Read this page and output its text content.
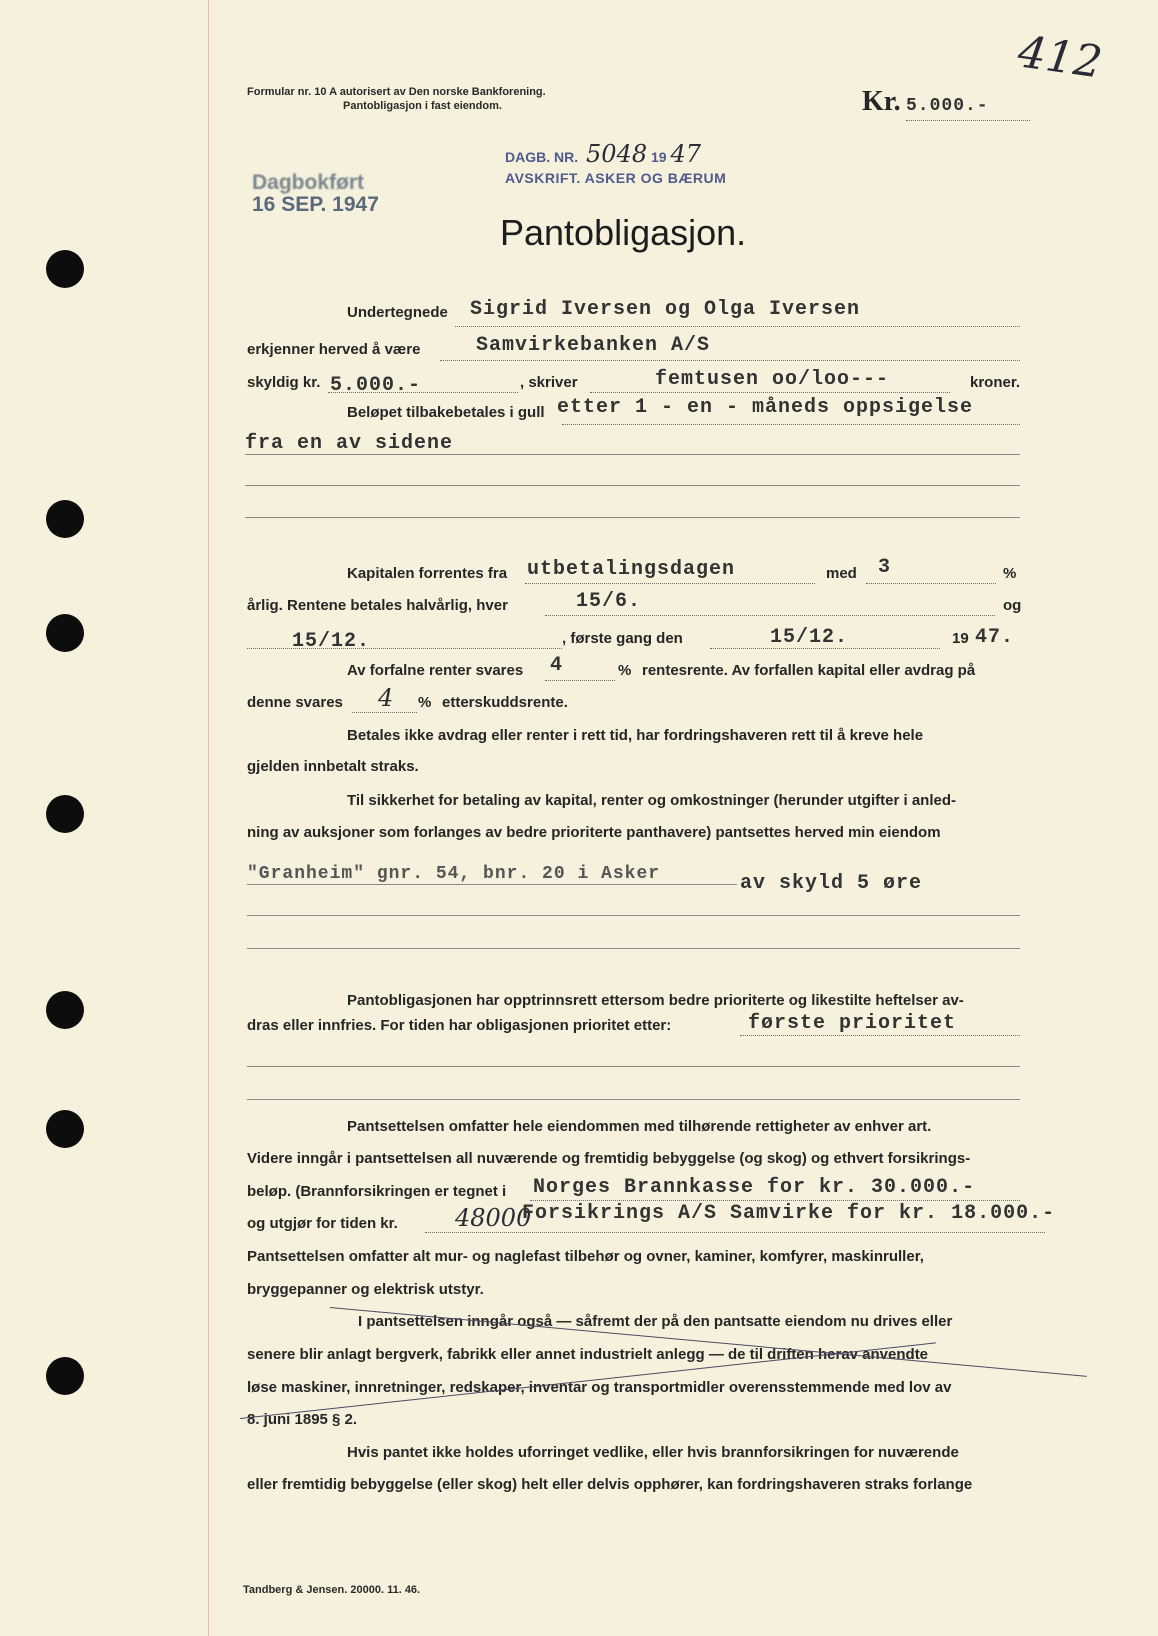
Formular nr. 10 A autorisert av Den norske Bankforening.
Pantobligasjon i fast eiendom.	Kr. 5.000.-
412
DAGB. NR. 5048 19 47
AVSKRIFT. ASKER OG BÆRUM
Dagbokført
16 SEP. 1947
Pantobligasjon.
Undertegnede Sigrid Iversen og Olga Iversen
erkjenner herved å være	Samvirkebanken A/S
skyldig kr. 5.000.-	, skriver	femtusen oo/loo---	kroner.
Beløpet tilbakebetales i gull etter 1 - en - måneds oppsigelse
fra en av sidene
Kapitalen forrentes fra utbetalingsdagen	med 3	%
årlig. Rentene betales halvårlig, hver	15/6.	og
15/12.	, første gang den	15/12.	19 47.
Av forfalne renter svares 4	% rentesrente. Av forfallen kapital eller avdrag på
denne svares 4 % etterskuddsrente.
Betales ikke avdrag eller renter i rett tid, har fordringshaveren rett til å kreve hele
gjelden innbetalt straks.
Til sikkerhet for betaling av kapital, renter og omkostninger (herunder utgifter i anled-
ning av auksjoner som forlanges av bedre prioriterte panthavere) pantsettes herved min eiendom
"Granheim" gnr. 54, bnr. 20 i Asker	av skyld 5 øre
Pantobligasjonen har opptrinnsrett ettersom bedre prioriterte og likestilte heftelser av-
dras eller innfries. For tiden har obligasjonen prioritet etter:	første prioritet
Pantsettelsen omfatter hele eiendommen med tilhørende rettigheter av enhver art.
Videre inngår i pantsettelsen all nuværende og fremtidig bebyggelse (og skog) og ethvert forsikrings-
beløp. (Brannforsikringen er tegnet i Norges Brannkasse for kr. 30.000.-
og utgjør for tiden kr. 48000
Forsikrings A/S Samvirke for kr. 18.000.-
Pantsettelsen omfatter alt mur- og naglefast tilbehør og ovner, kaminer, komfyrer, maskinruller,
bryggepanner og elektrisk utstyr.
I pantsettelsen inngår også — såfremt der på den pantsatte eiendom nu drives eller
senere blir anlagt bergverk, fabrikk eller annet industrielt anlegg — de til driften herav anvendte
løse maskiner, innretninger, redskaper, inventar og transportmidler overensstemmende med lov av
8. juni 1895 § 2.
Hvis pantet ikke holdes uforringet vedlike, eller hvis brannforsikringen for nuværende
eller fremtidig bebyggelse (eller skog) helt eller delvis opphører, kan fordringshaveren straks forlange
Tandberg & Jensen. 20000. 11. 46.
